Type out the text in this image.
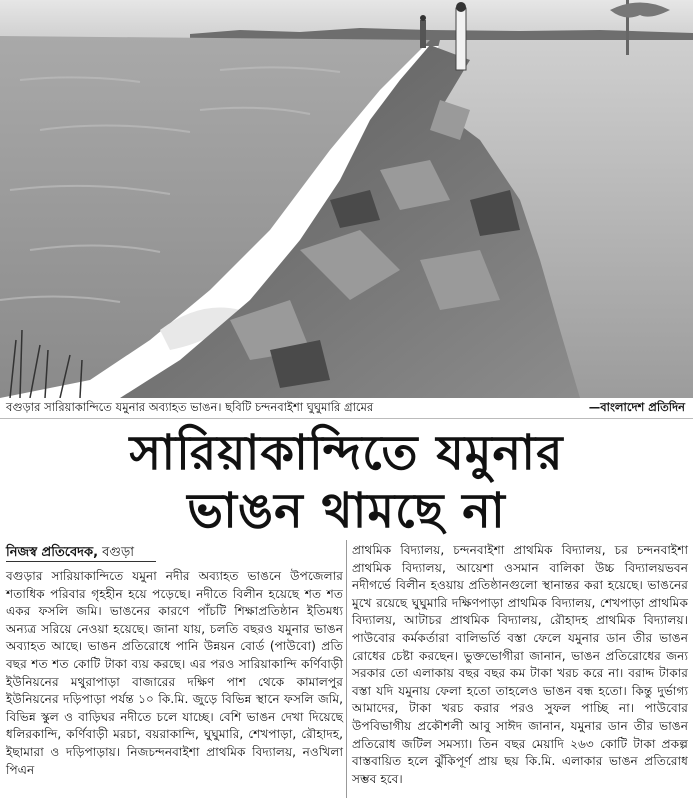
বগুড়ার সারিয়াকান্দিতে যমুনার অব্যাহত ভাঙন। ছবিটি চন্দনবাইশা ঘুঘুমারি গ্রামের	—বাংলাদেশ প্রতিদিন
সারিয়াকান্দিতে যমুনার
ভাঙন থামছে না
নিজস্ব প্রতিবেদক, বগুড়া
বগুড়ার সারিয়াকান্দিতে যমুনা নদীর অব্যাহত ভাঙনে উপজেলার শতাধিক পরিবার গৃহহীন হয়ে পড়েছে। নদীতে বিলীন হয়েছে শত শত একর ফসলি জমি। ভাঙনের কারণে পাঁচটি শিক্ষাপ্রতিষ্ঠান ইতিমধ্য অন্যত্র সরিয়ে নেওয়া হয়েছে। জানা যায়, চলতি বছরও যমুনার ভাঙন অব্যাহত আছে। ভাঙন প্রতিরোধে পানি উন্নয়ন বোর্ড (পাউবো) প্রতি বছর শত শত কোটি টাকা ব্যয় করছে। এর পরও সারিয়াকান্দি কর্ণিবাড়ী ইউনিয়নের মথুরাপাড়া বাজারের দক্ষিণ পাশ থেকে কামালপুর ইউনিয়নের দড়িপাড়া পর্যন্ত ১০ কি.মি. জুড়ে বিভিন্ন স্থানে ফসলি জমি, বিভিন্ন স্কুল ও বাড়িঘর নদীতে চলে যাচ্ছে। বেশি ভাঙন দেখা দিয়েছে ধলিরকান্দি, কর্ণিবাড়ী মরচা, বয়রাকান্দি, ঘুঘুমারি, শেখপাড়া, রৌহাদহ, ইছামারা ও দড়িপাড়ায়। নিজচন্দনবাইশা প্রাথমিক বিদ্যালয়, নওখিলা পিএন
প্রাথমিক বিদ্যালয়, চন্দনবাইশা প্রাথমিক বিদ্যালয়, চর চন্দনবাইশা প্রাথমিক বিদ্যালয়, আয়েশা ওসমান বালিকা উচ্চ বিদ্যালয়ভবন নদীগর্ভে বিলীন হওয়ায় প্রতিষ্ঠানগুলো স্থানান্তর করা হয়েছে। ভাঙনের মুখে রয়েছে ঘুঘুমারি দক্ষিণপাড়া প্রাথমিক বিদ্যালয়, শেখপাড়া প্রাথমিক বিদ্যালয়, আটাচর প্রাথমিক বিদ্যালয়, রৌহাদহ প্রাথমিক বিদ্যালয়। পাউবোর কর্মকর্তারা বালিভর্তি বস্তা ফেলে যমুনার ডান তীর ভাঙন রোধের চেষ্টা করছেন। ভুক্তভোগীরা জানান, ভাঙন প্রতিরোধের জন্য সরকার তো এলাকায় বছর বছর কম টাকা খরচ করে না। বরাদ্দ টাকার বস্তা যদি যমুনায় ফেলা হতো তাহলেও ভাঙন বন্ধ হতো। কিন্তু দুর্ভাগ্য আমাদের, টাকা খরচ করার পরও সুফল পাচ্ছি না। পাউবোর উপবিভাগীয় প্রকৌশলী আবু সাঈদ জানান, যমুনার ডান তীর ভাঙন প্রতিরোধ জটিল সমস্যা। তিন বছর মেয়াদি ২৬৩ কোটি টাকা প্রকল্প বাস্তবায়িত হলে ঝুঁকিপূর্ণ প্রায় ছয় কি.মি. এলাকার ভাঙন প্রতিরোধ সম্ভব হবে।
